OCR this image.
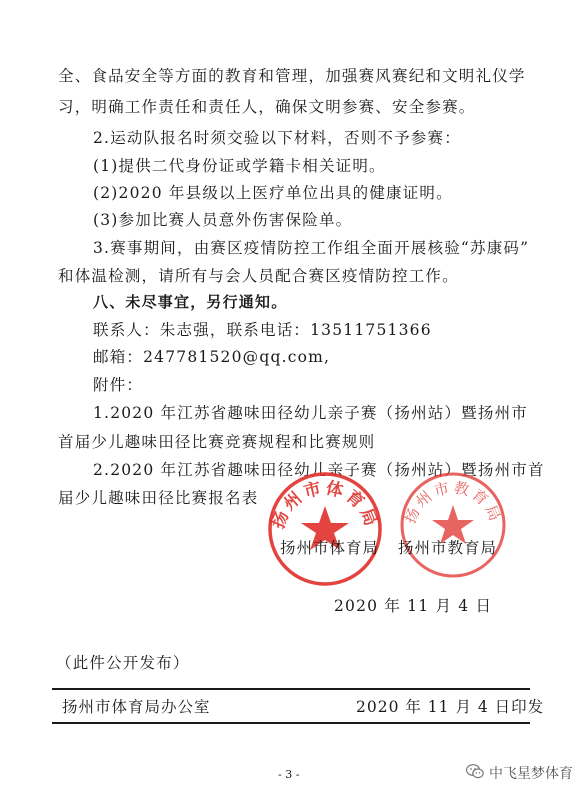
全、食品安全等方面的教育和管理，加强赛风赛纪和文明礼仪学
习，明确工作责任和责任人，确保文明参赛、安全参赛。
2.运动队报名时须交验以下材料，否则不予参赛：
(1)提供二代身份证或学籍卡相关证明。
(2)2020 年县级以上医疗单位出具的健康证明。
(3)参加比赛人员意外伤害保险单。
3.赛事期间，由赛区疫情防控工作组全面开展核验“苏康码”
和体温检测，请所有与会人员配合赛区疫情防控工作。
八、未尽事宜，另行通知。
联系人：朱志强，联系电话：13511751366
邮箱：247781520@qq.com,
附件：
1.2020 年江苏省趣味田径幼儿亲子赛（扬州站）暨扬州市
首届少儿趣味田径比赛竞赛规程和比赛规则
2.2020 年江苏省趣味田径幼儿亲子赛（扬州站）暨扬州市首
届少儿趣味田径比赛报名表
扬州市体育局 扬州市教育局
扬州市体育局 扬州市教育局
2020 年 11 月 4 日
（此件公开发布）
扬州市体育局办公室	2020 年 11 月 4 日印发
- 3 -	中飞星梦体育
